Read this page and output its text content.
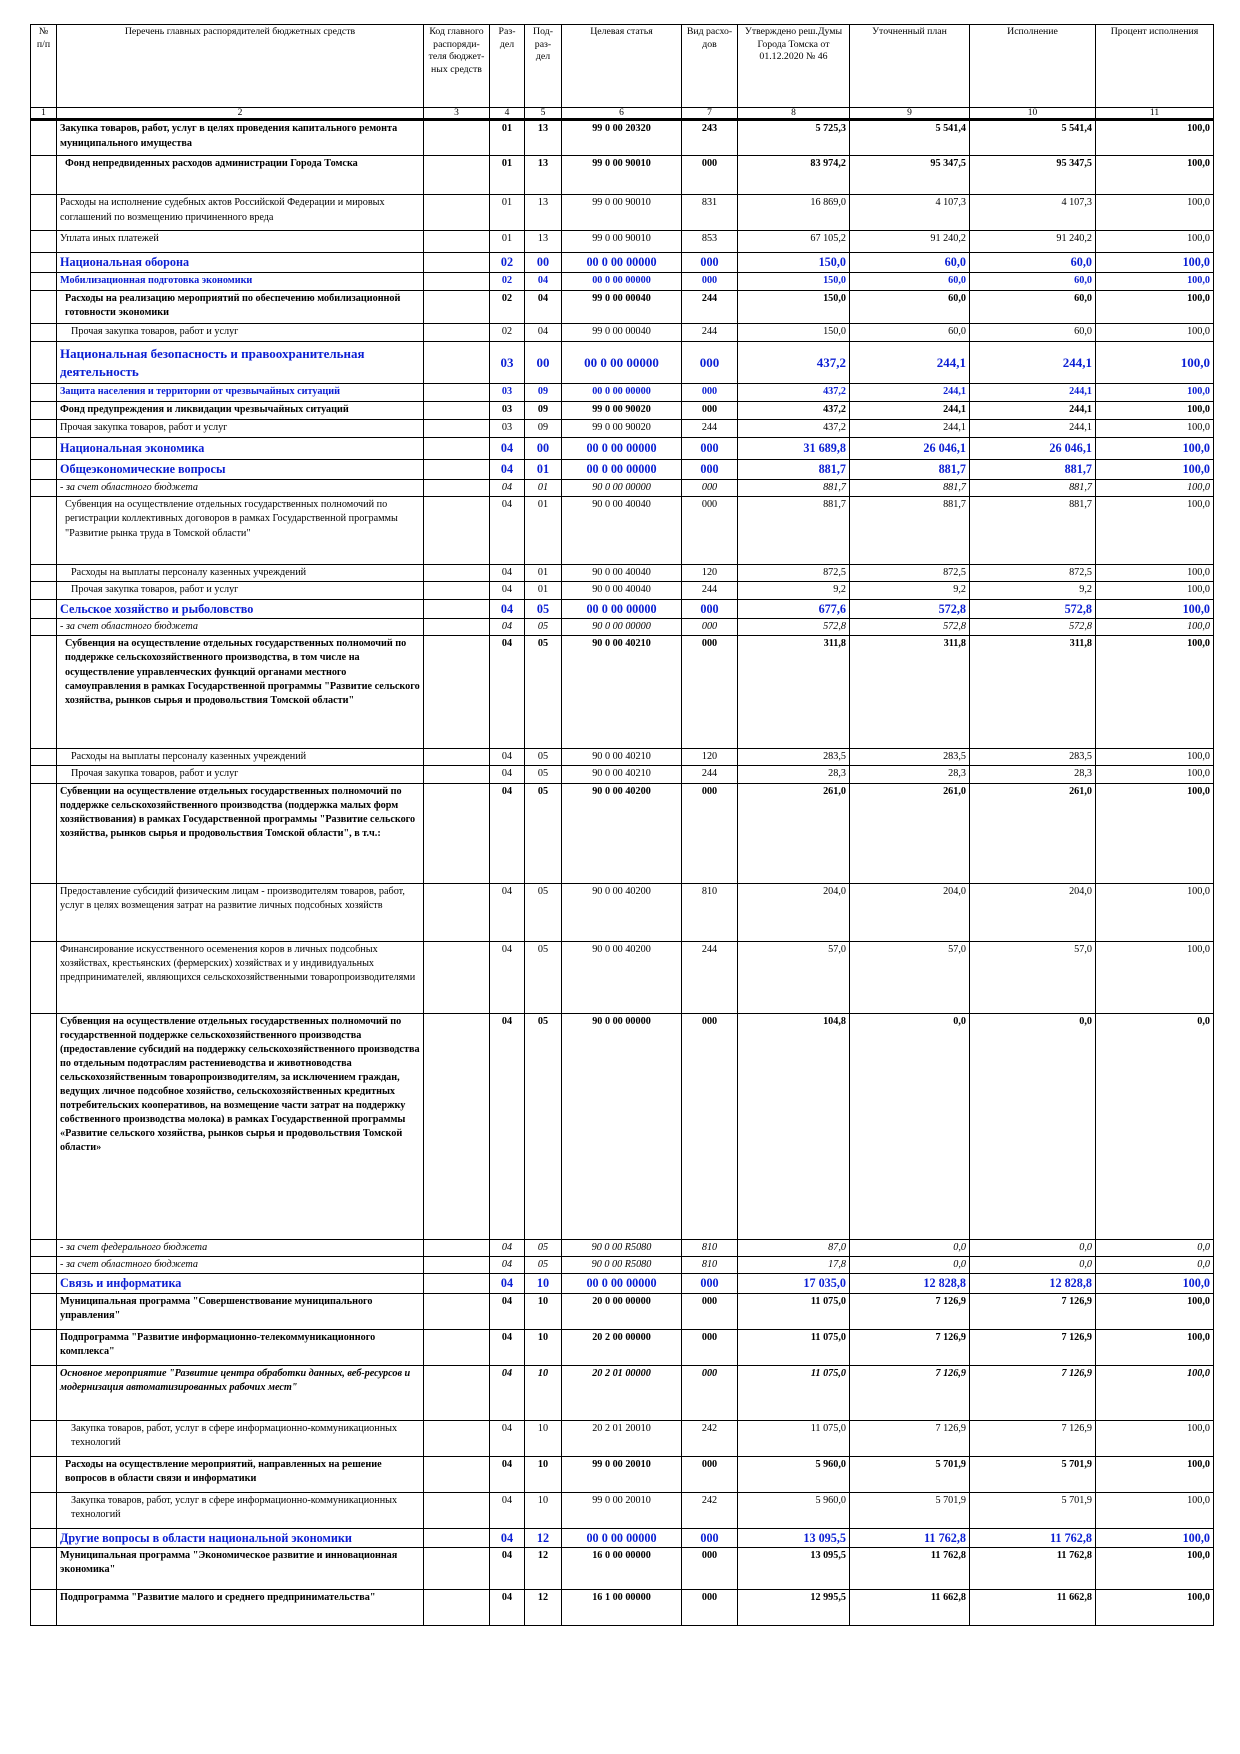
№ п/п	Перечень главных распорядителей бюджетных средств	Код главного распоряди-теля бюджет-ных средств	Раз-дел	Под-раз-дел	Целевая статья	Вид расхо-дов	Утверждено реш.Думы Города Томска от 01.12.2020 № 46	Уточненный план	Исполнение	Процент исполнения
1	2	3	4	5	6	7	8	9	10	11
	Закупка товаров, работ, услуг в целях проведения капитального ремонта муниципального имущества		01	13	99 0 00 20320	243	5 725,3	5 541,4	5 541,4	100,0
	Фонд непредвиденных расходов администрации Города Томска		01	13	99 0 00 90010	000	83 974,2	95 347,5	95 347,5	100,0
	Расходы на исполнение судебных актов Российской Федерации и мировых соглашений по возмещению причиненного вреда		01	13	99 0 00 90010	831	16 869,0	4 107,3	4 107,3	100,0
	Уплата иных платежей		01	13	99 0 00 90010	853	67 105,2	91 240,2	91 240,2	100,0
	Национальная оборона		02	00	00 0 00 00000	000	150,0	60,0	60,0	100,0
	Мобилизационная подготовка экономики		02	04	00 0 00 00000	000	150,0	60,0	60,0	100,0
	Расходы на реализацию мероприятий по обеспечению мобилизационной готовности экономики		02	04	99 0 00 00040	244	150,0	60,0	60,0	100,0
	Прочая закупка товаров, работ и услуг		02	04	99 0 00 00040	244	150,0	60,0	60,0	100,0
	Национальная безопасность и правоохранительная деятельность		03	00	00 0 00 00000	000	437,2	244,1	244,1	100,0
	Защита населения и территории от чрезвычайных ситуаций		03	09	00 0 00 00000	000	437,2	244,1	244,1	100,0
	Фонд предупреждения и ликвидации чрезвычайных ситуаций		03	09	99 0 00 90020	000	437,2	244,1	244,1	100,0
	Прочая закупка товаров, работ и услуг		03	09	99 0 00 90020	244	437,2	244,1	244,1	100,0
	Национальная экономика		04	00	00 0 00 00000	000	31 689,8	26 046,1	26 046,1	100,0
	Общеэкономические вопросы		04	01	00 0 00 00000	000	881,7	881,7	881,7	100,0
	- за счет областного бюджета		04	01	90 0 00 00000	000	881,7	881,7	881,7	100,0
	Субвенция на осуществление отдельных государственных полномочий по регистрации коллективных договоров в рамках Государственной программы "Развитие рынка труда в Томской области"		04	01	90 0 00 40040	000	881,7	881,7	881,7	100,0
	Расходы на выплаты персоналу казенных учреждений		04	01	90 0 00 40040	120	872,5	872,5	872,5	100,0
	Прочая закупка товаров, работ и услуг		04	01	90 0 00 40040	244	9,2	9,2	9,2	100,0
	Сельское хозяйство и рыболовство		04	05	00 0 00 00000	000	677,6	572,8	572,8	100,0
	- за счет областного бюджета		04	05	90 0 00 00000	000	572,8	572,8	572,8	100,0
	Субвенция на осуществление отдельных государственных полномочий по поддержке сельскохозяйственного производства, в том числе на осуществление управленческих функций органами местного самоуправления в рамках Государственной программы "Развитие сельского хозяйства, рынков сырья и продовольствия Томской области"		04	05	90 0 00 40210	000	311,8	311,8	311,8	100,0
	Расходы на выплаты персоналу казенных учреждений		04	05	90 0 00 40210	120	283,5	283,5	283,5	100,0
	Прочая закупка товаров, работ и услуг		04	05	90 0 00 40210	244	28,3	28,3	28,3	100,0
	Субвенции на осуществление отдельных государственных полномочий по поддержке сельскохозяйственного производства (поддержка малых форм хозяйствования) в рамках Государственной программы "Развитие сельского хозяйства, рынков сырья и продовольствия Томской области", в т.ч.:		04	05	90 0 00 40200	000	261,0	261,0	261,0	100,0
	Предоставление субсидий физическим лицам - производителям товаров, работ, услуг в целях возмещения затрат на развитие личных подсобных хозяйств		04	05	90 0 00 40200	810	204,0	204,0	204,0	100,0
	Финансирование искусственного осеменения коров в личных подсобных хозяйствах, крестьянских (фермерских) хозяйствах и у индивидуальных предпринимателей, являющихся сельскохозяйственными товаропроизводителями		04	05	90 0 00 40200	244	57,0	57,0	57,0	100,0
	Субвенция на осуществление отдельных государственных полномочий по государственной поддержке сельскохозяйственного производства (предоставление субсидий на поддержку сельскохозяйственного производства по отдельным подотраслям растениеводства и животноводства сельскохозяйственным товаропроизводителям, за исключением граждан, ведущих личное подсобное хозяйство, сельскохозяйственных кредитных потребительских кооперативов, на возмещение части затрат на поддержку собственного производства молока) в рамках Государственной программы «Развитие сельского хозяйства, рынков сырья и продовольствия Томской области»		04	05	90 0 00 00000	000	104,8	0,0	0,0	0,0
	- за счет федерального бюджета		04	05	90 0 00 R5080	810	87,0	0,0	0,0	0,0
	- за счет областного бюджета		04	05	90 0 00 R5080	810	17,8	0,0	0,0	0,0
	Связь и информатика		04	10	00 0 00 00000	000	17 035,0	12 828,8	12 828,8	100,0
	Муниципальная программа "Совершенствование муниципального управления"		04	10	20 0 00 00000	000	11 075,0	7 126,9	7 126,9	100,0
	Подпрограмма "Развитие информационно-телекоммуникационного комплекса"		04	10	20 2 00 00000	000	11 075,0	7 126,9	7 126,9	100,0
	Основное мероприятие "Развитие центра обработки данных, веб-ресурсов и модернизация автоматизированных рабочих мест"		04	10	20 2 01 00000	000	11 075,0	7 126,9	7 126,9	100,0
	Закупка товаров, работ, услуг в сфере информационно-коммуникационных технологий		04	10	20 2 01 20010	242	11 075,0	7 126,9	7 126,9	100,0
	Расходы на осуществление мероприятий, направленных на решение вопросов в области связи и информатики		04	10	99 0 00 20010	000	5 960,0	5 701,9	5 701,9	100,0
	Закупка товаров, работ, услуг в сфере информационно-коммуникационных технологий		04	10	99 0 00 20010	242	5 960,0	5 701,9	5 701,9	100,0
	Другие вопросы в области национальной экономики		04	12	00 0 00 00000	000	13 095,5	11 762,8	11 762,8	100,0
	Муниципальная программа "Экономическое развитие и инновационная экономика"		04	12	16 0 00 00000	000	13 095,5	11 762,8	11 762,8	100,0
	Подпрограмма "Развитие малого и среднего предпринимательства"		04	12	16 1 00 00000	000	12 995,5	11 662,8	11 662,8	100,0
